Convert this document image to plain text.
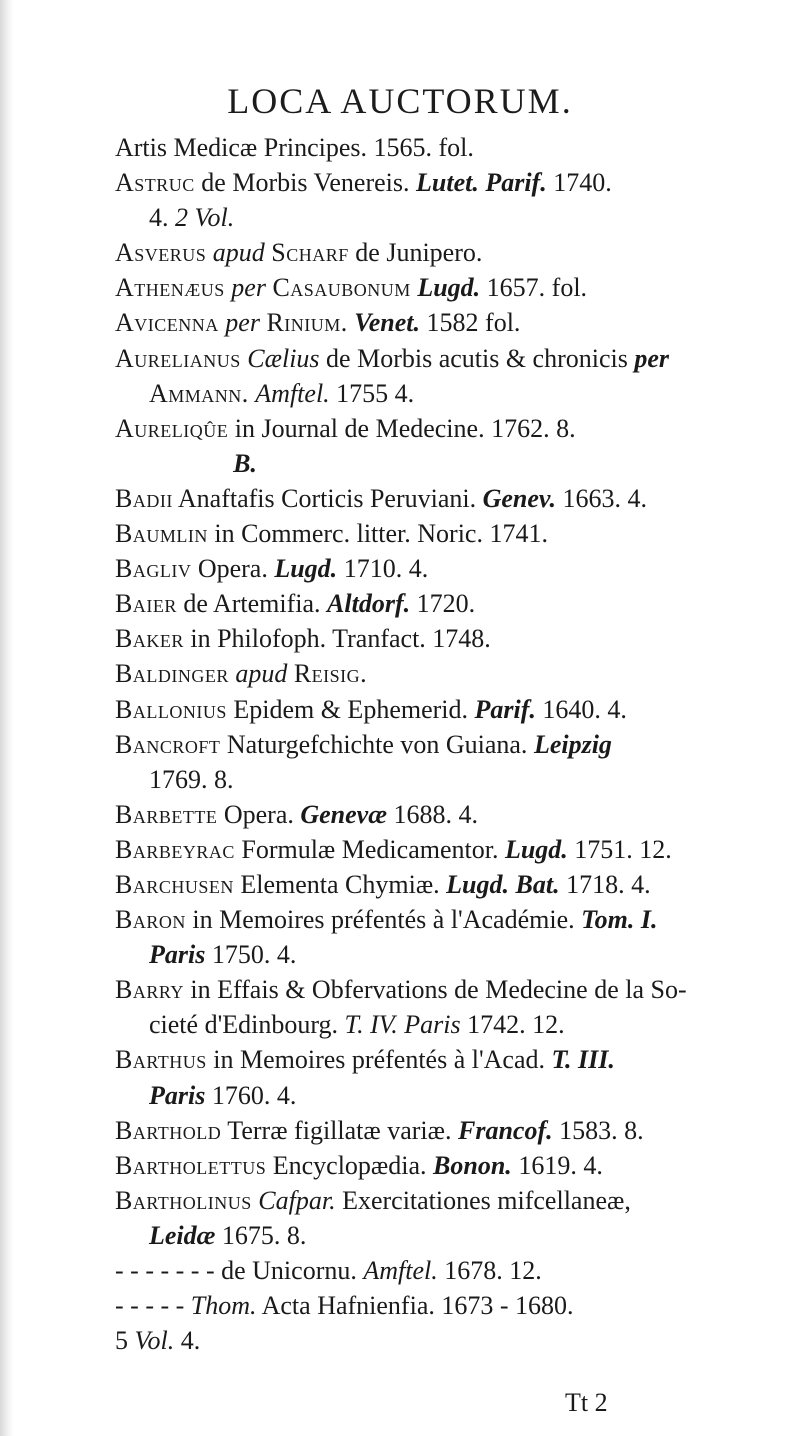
LOCA AUCTORUM.
Artis Medicæ Principes. 1565. fol.
Astruc de Morbis Venereis. Lutet. Parif. 1740.
4. 2 Vol.
Asverus apud Scharf de Junipero.
Athenæus per Casaubonum Lugd. 1657. fol.
Avicenna per Rinium. Venet. 1582 fol.
Aurelianus Cælius de Morbis acutis & chronicis per
Ammann. Amftel. 1755 4.
Aureliqûe in Journal de Medecine. 1762. 8.
B.
Badii Anaftafis Corticis Peruviani. Genev. 1663. 4.
Baumlin in Commerc. litter. Noric. 1741.
Bagliv Opera. Lugd. 1710. 4.
Baier de Artemifia. Altdorf. 1720.
Baker in Philofoph. Tranfact. 1748.
Baldinger apud Reisig.
Ballonius Epidem & Ephemerid. Parif. 1640. 4.
Bancroft Naturgefchichte von Guiana. Leipzig
1769. 8.
Barbette Opera. Genevæ 1688. 4.
Barbeyrac Formulæ Medicamentor. Lugd. 1751. 12.
Barchusen Elementa Chymiæ. Lugd. Bat. 1718. 4.
Baron in Memoires préfentés à l'Académie. Tom. I.
Paris 1750. 4.
Barry in Effais & Obfervations de Medecine de la So-
cieté d'Edinbourg. T. IV. Paris 1742. 12.
Barthus in Memoires préfentés à l'Acad. T. III.
Paris 1760. 4.
Barthold Terræ figillatæ variæ. Francof. 1583. 8.
Bartholettus Encyclopædia. Bonon. 1619. 4.
Bartholinus Cafpar. Exercitationes mifcellaneæ,
Leidæ 1675. 8.
- - - - - - - de Unicornu. Amftel. 1678. 12.
- - - - - Thom. Acta Hafnienfia. 1673 - 1680.
5 Vol. 4.
Tt 2
